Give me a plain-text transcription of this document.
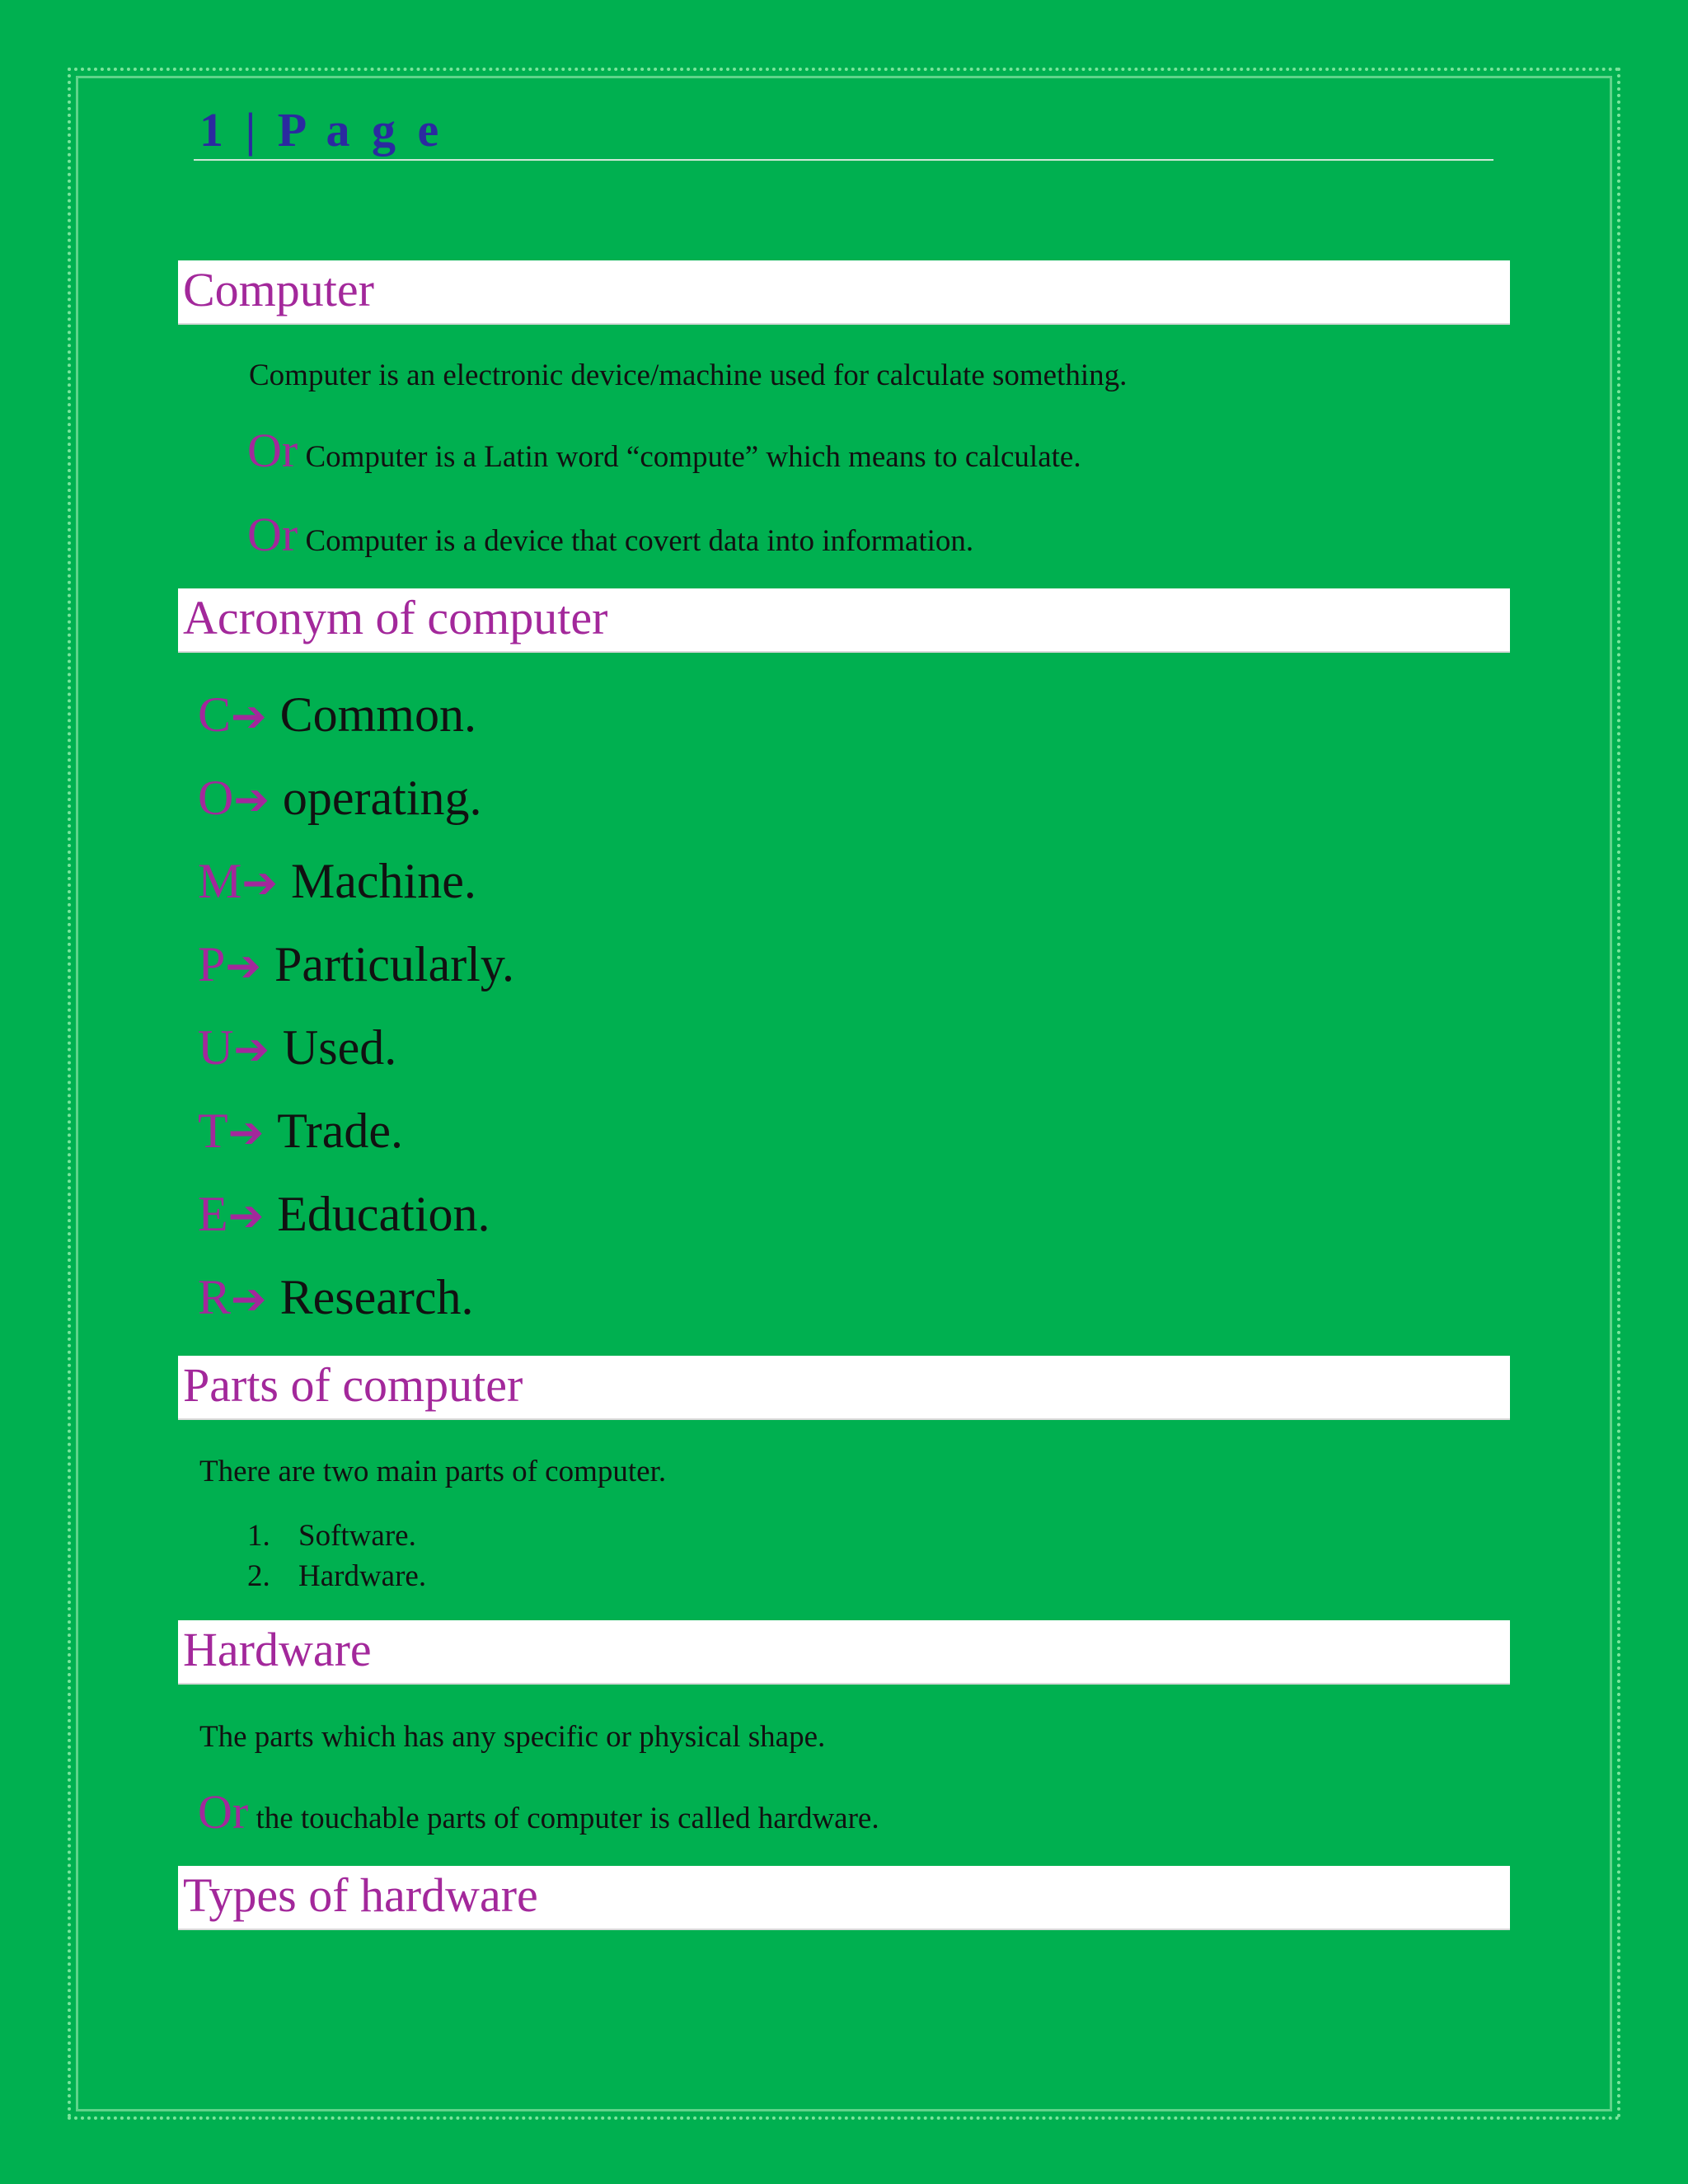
1 | P a g e
Computer
Computer is an electronic device/machine used for calculate something.
Or Computer is a Latin word “compute” which means to calculate.
Or Computer is a device that covert data into information.
Acronym of computer
C➔ Common.
O➔ operating.
M➔ Machine.
P➔ Particularly.
U➔ Used.
T➔ Trade.
E➔ Education.
R➔ Research.
Parts of computer
There are two main parts of computer.
1. Software.
2. Hardware.
Hardware
The parts which has any specific or physical shape.
Or the touchable parts of computer is called hardware.
Types of hardware
